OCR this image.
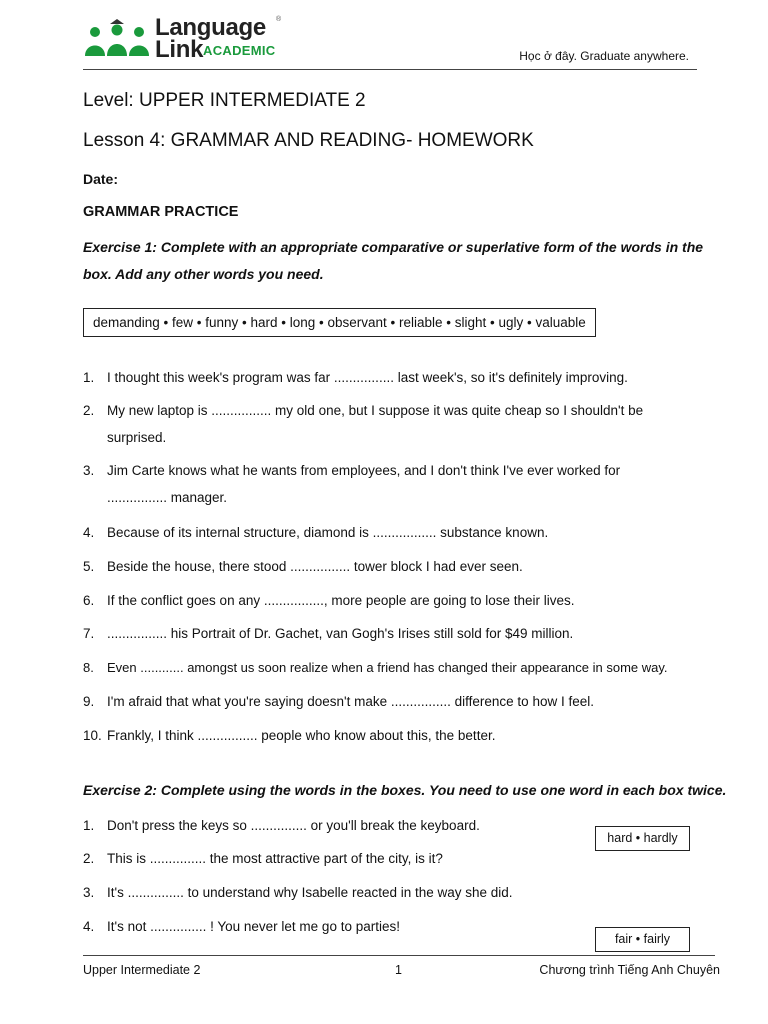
Language ®
Link ACADEMIC	Học ở đây. Graduate anywhere.
Level: UPPER INTERMEDIATE 2
Lesson 4: GRAMMAR AND READING- HOMEWORK
Date:
GRAMMAR PRACTICE
Exercise 1: Complete with an appropriate comparative or superlative form of the words in the
box. Add any other words you need.
demanding • few • funny • hard • long • observant • reliable • slight • ugly • valuable
1. I thought this week's program was far ................ last week's, so it's definitely improving.
2. My new laptop is ................ my old one, but I suppose it was quite cheap so I shouldn't be surprised.
3. Jim Carte knows what he wants from employees, and I don't think I've ever worked for ................ manager.
4. Because of its internal structure, diamond is ................. substance known.
5. Beside the house, there stood ................ tower block I had ever seen.
6. If the conflict goes on any ................, more people are going to lose their lives.
7. ................ his Portrait of Dr. Gachet, van Gogh's Irises still sold for $49 million.
8. Even ............ amongst us soon realize when a friend has changed their appearance in some way.
9. I'm afraid that what you're saying doesn't make ................ difference to how I feel.
10. Frankly, I think ................ people who know about this, the better.
Exercise 2: Complete using the words in the boxes. You need to use one word in each box twice.
hard • hardly
fair • fairly
1. Don't press the keys so ............... or you'll break the keyboard.
2. This is ............... the most attractive part of the city, is it?
3. It's ............... to understand why Isabelle reacted in the way she did.
4. It's not ............... ! You never let me go to parties!
Upper Intermediate 2	1	Chương trình Tiếng Anh Chuyên
